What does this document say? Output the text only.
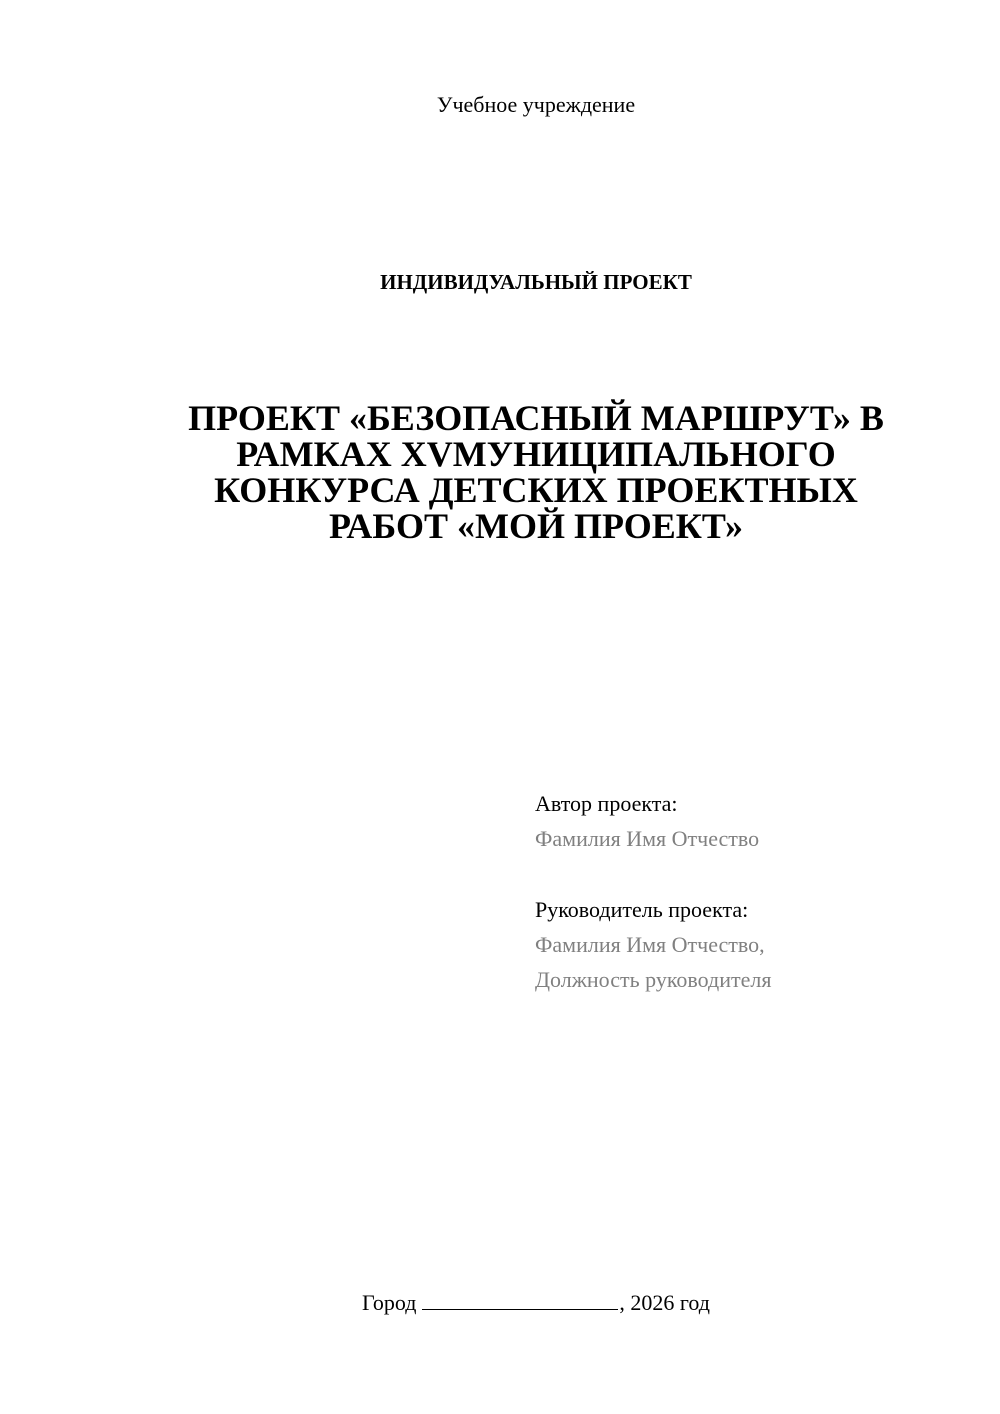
Учебное учреждение
ИНДИВИДУАЛЬНЫЙ ПРОЕКТ
ПРОЕКТ «БЕЗОПАСНЫЙ МАРШРУТ» В
РАМКАХ XVМУНИЦИПАЛЬНОГО
КОНКУРСА ДЕТСКИХ ПРОЕКТНЫХ
РАБОТ «МОЙ ПРОЕКТ»
Автор проекта:
Фамилия Имя Отчество
Руководитель проекта:
Фамилия Имя Отчество,
Должность руководителя
Город	, 2026 год
